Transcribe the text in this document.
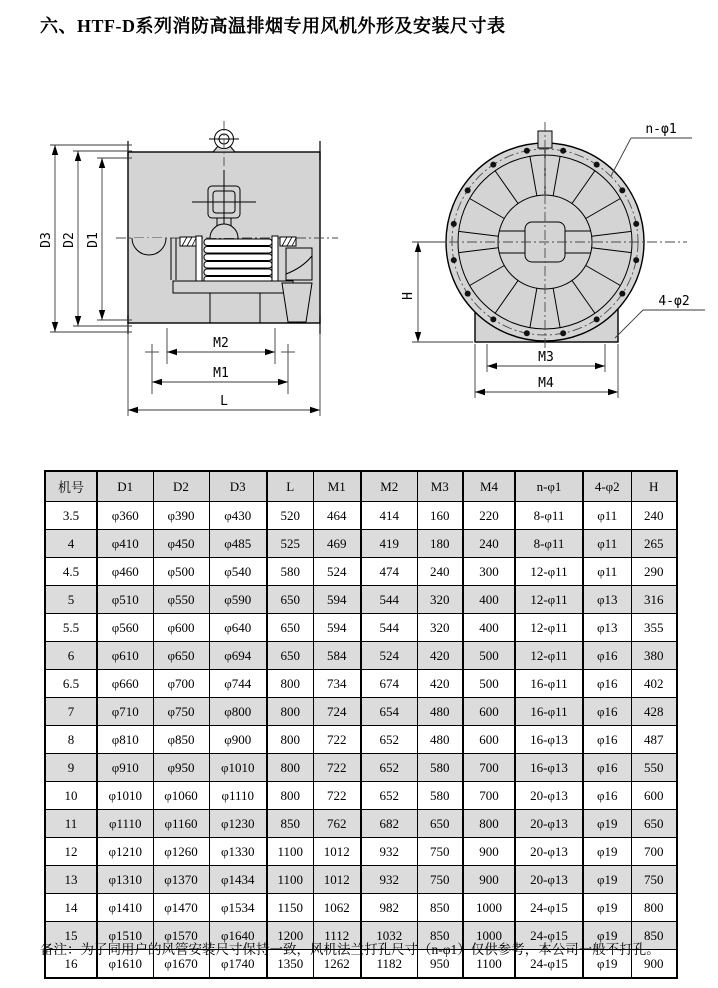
六、HTF-D系列消防高温排烟专用风机外形及安装尺寸表
D3 D2 D1
M2
M1
L
n-φ1
4-φ2
H
M3
M4
机号	D1	D2	D3	L	M1	M2	M3	M4	n-φ1	4-φ2	H
3.5	φ360	φ390	φ430	520	464	414	160	220	8-φ11	φ11	240
4	φ410	φ450	φ485	525	469	419	180	240	8-φ11	φ11	265
4.5	φ460	φ500	φ540	580	524	474	240	300	12-φ11	φ11	290
5	φ510	φ550	φ590	650	594	544	320	400	12-φ11	φ13	316
5.5	φ560	φ600	φ640	650	594	544	320	400	12-φ11	φ13	355
6	φ610	φ650	φ694	650	584	524	420	500	12-φ11	φ16	380
6.5	φ660	φ700	φ744	800	734	674	420	500	16-φ11	φ16	402
7	φ710	φ750	φ800	800	724	654	480	600	16-φ11	φ16	428
8	φ810	φ850	φ900	800	722	652	480	600	16-φ13	φ16	487
9	φ910	φ950	φ1010	800	722	652	580	700	16-φ13	φ16	550
10	φ1010	φ1060	φ1110	800	722	652	580	700	20-φ13	φ16	600
11	φ1110	φ1160	φ1230	850	762	682	650	800	20-φ13	φ19	650
12	φ1210	φ1260	φ1330	1100	1012	932	750	900	20-φ13	φ19	700
13	φ1310	φ1370	φ1434	1100	1012	932	750	900	20-φ13	φ19	750
14	φ1410	φ1470	φ1534	1150	1062	982	850	1000	24-φ15	φ19	800
15	φ1510	φ1570	φ1640	1200	1112	1032	850	1000	24-φ15	φ19	850
16	φ1610	φ1670	φ1740	1350	1262	1182	950	1100	24-φ15	φ19	900
备注：为了同用户的风管安装尺寸保持一致，风机法兰打孔尺寸（n-φ1）仅供参考，本公司一般不打孔。
